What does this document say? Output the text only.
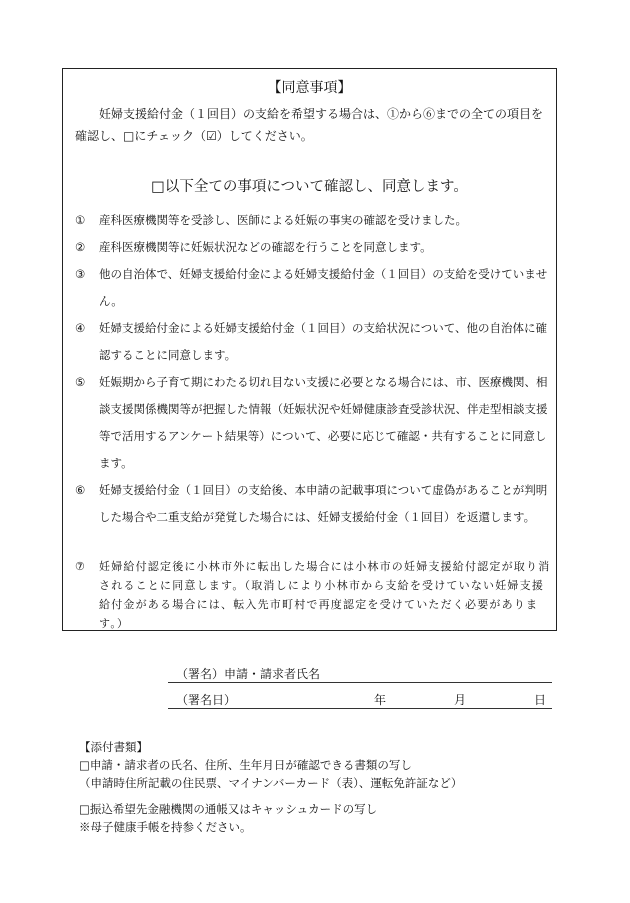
【同意事項】
妊婦支援給付金（１回目）の支給を希望する場合は、①から⑥までの全ての項目を確認し、□にチェック（☑）してください。
□以下全ての事項について確認し、同意します。
①	産科医療機関等を受診し、医師による妊娠の事実の確認を受けました。
②	産科医療機関等に妊娠状況などの確認を行うことを同意します。
③	他の自治体で、妊婦支援給付金による妊婦支援給付金（１回目）の支給を受けていません。
④	妊婦支援給付金による妊婦支援給付金（１回目）の支給状況について、他の自治体に確認することに同意します。
⑤	妊娠期から子育て期にわたる切れ目ない支援に必要となる場合には、市、医療機関、相談支援関係機関等が把握した情報（妊娠状況や妊婦健康診査受診状況、伴走型相談支援等で活用するアンケート結果等）について、必要に応じて確認・共有することに同意します。
⑥	妊婦支援給付金（１回目）の支給後、本申請の記載事項について虚偽があることが判明した場合や二重支給が発覚した場合には、妊婦支援給付金（１回目）を返還します。
⑦	妊婦給付認定後に小林市外に転出した場合には小林市の妊婦支援給付認定が取り消されることに同意します。（取消しにより小林市から支給を受けていない妊婦支援給付金がある場合には、転入先市町村で再度認定を受けていただく必要があります。）
（署名）申請・請求者氏名
（署名日）	年	月	日
【添付書類】
□申請・請求者の氏名、住所、生年月日が確認できる書類の写し
（申請時住所記載の住民票、マイナンバーカード（表）、運転免許証など）
□振込希望先金融機関の通帳又はキャッシュカードの写し
※母子健康手帳を持参ください。
